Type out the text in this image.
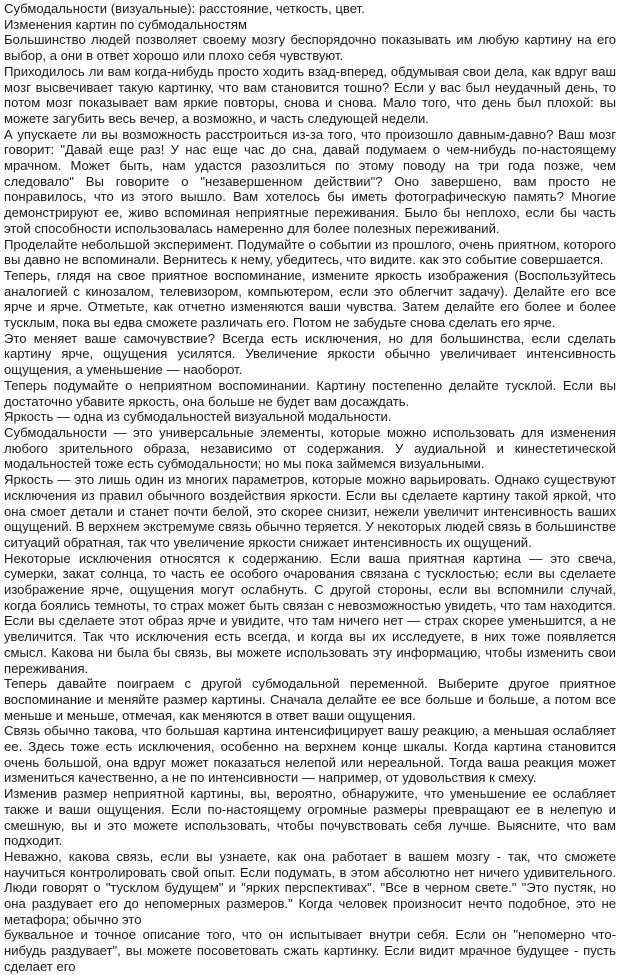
Субмодальности (визуальные): расстояние, четкость, цвет.
Изменения картин по субмодальностям

Большинство людей позволяет своему мозгу беспорядочно показывать им любую картину на его выбор, а они в ответ хорошо или плохо себя чувствуют.

Приходилось ли вам когда-нибудь просто ходить взад-вперед, обдумывая свои дела, как вдруг ваш мозг высвечивает такую картинку, что вам становится тошно? Если у вас был неудачный день, то потом мозг показывает вам яркие повторы, снова и снова. Мало того, что день был плохой: вы можете загубить весь вечер, а возможно, и часть следующей недели.

А упускаете ли вы возможность расстроиться из-за того, что произошло давным-давно? Ваш мозг говорит: "Давай еще раз! У нас еще час до сна, давай подумаем о чем-нибудь по-настоящему мрачном. Может быть, нам удастся разозлиться по этому поводу на три года позже, чем следовало" Вы говорите о "незавершенном действии"? Оно завершено, вам просто не понравилось, что из этого вышло. Вам хотелось бы иметь фотографическую память? Многие демонстрируют ее, живо вспоминая неприятные переживания. Было бы неплохо, если бы часть этой способности использовалась намеренно для более полезных переживаний.

Проделайте небольшой эксперимент. Подумайте о событии из прошлого, очень приятном, которого вы давно не вспоминали. Вернитесь к нему, убедитесь, что видите. как это событие совершается.

Теперь, глядя на свое приятное воспоминание, измените яркость изображения (Воспользуйтесь аналогией с кинозалом, телевизором, компьютером, если это облегчит задачу). Делайте его все ярче и ярче. Отметьте, как отчетно изменяются ваши чувства. Затем делайте его более и более тусклым, пока вы едва сможете различать его. Потом не забудьте снова сделать его ярче.

Это меняет ваше самочувствие? Всегда есть исключения, но для большинства, если сделать картину ярче, ощущения усилятся. Увеличение яркости обычно увеличивает интенсивность ощущения, а уменьшение — наоборот.

Теперь подумайте о неприятном воспоминании. Картину постепенно делайте тусклой. Если вы достаточно убавите яркость, она больше не будет вам досаждать.

Яркость — одна из субмодальностей визуальной модальности.

Субмодальности — это универсальные элементы, которые можно использовать для изменения любого зрительного образа, независимо от содержания. У аудиальной и кинестетической модальностей тоже есть субмодальности; но мы пока займемся визуальными.

Яркость — это лишь один из многих параметров, которые можно варьировать. Однако существуют исключения из правил обычного воздействия яркости. Если вы сделаете картину такой яркой, что она смоет детали и станет почти белой, это скорее снизит, нежели увеличит интенсивность ваших ощущений. В верхнем экстремуме связь обычно теряется. У некоторых людей связь в большинстве ситуаций обратная, так что увеличение яркости снижает интенсивность их ощущений.

Некоторые исключения относятся к содержанию. Если ваша приятная картина — это свеча, сумерки, закат солнца, то часть ее особого очарования связана с тусклостью; если вы сделаете изображение ярче, ощущения могут ослабнуть. С другой стороны, если вы вспомнили случай, когда боялись темноты, то страх может быть связан с невозможностью увидеть, что там находится. Если вы сделаете этот образ ярче и увидите, что там ничего нет — страх скорее уменьшится, а не увеличится. Так что исключения есть всегда, и когда вы их исследуете, в них тоже появляется смысл. Какова ни была бы связь, вы можете использовать эту информацию, чтобы изменить свои переживания.

Теперь давайте поиграем с другой субмодальной переменной. Выберите другое приятное воспоминание и меняйте размер картины. Сначала делайте ее все больше и больше, а потом все меньше и меньше, отмечая, как меняются в ответ ваши ощущения.

Связь обычно такова, что большая картина интенсифицирует вашу реакцию, а меньшая ослабляет ее. Здесь тоже есть исключения, особенно на верхнем конце шкалы. Когда картина становится очень большой, она вдруг может показаться нелепой или нереальной. Тогда ваша реакция может измениться качественно, а не по интенсивности — например, от удовольствия к смеху.

Изменив размер неприятной картины, вы, вероятно, обнаружите, что уменьшение ее ослабляет также и ваши ощущения. Если по-настоящему огромные размеры превращают ее в нелепую и смешную, вы и это можете использовать, чтобы почувствовать себя лучше. Выясните, что вам подходит.

Неважно, какова связь, если вы узнаете, как она работает в вашем мозгу - так, что сможете научиться контролировать свой опыт. Если подумать, в этом абсолютно нет ничего удивительного. Люди говорят о "тусклом будущем" и "ярких перспективах". "Все в черном свете." "Это пустяк, но она раздувает его до непомерных размеров." Когда человек произносит нечто подобное, это не метафора; обычно это

буквальное и точное описание того, что он испытывает внутри себя. Если он "непомерно что-нибудь раздувает", вы можете посоветовать сжать картинку. Если видит мрачное будущее - пусть сделает его
